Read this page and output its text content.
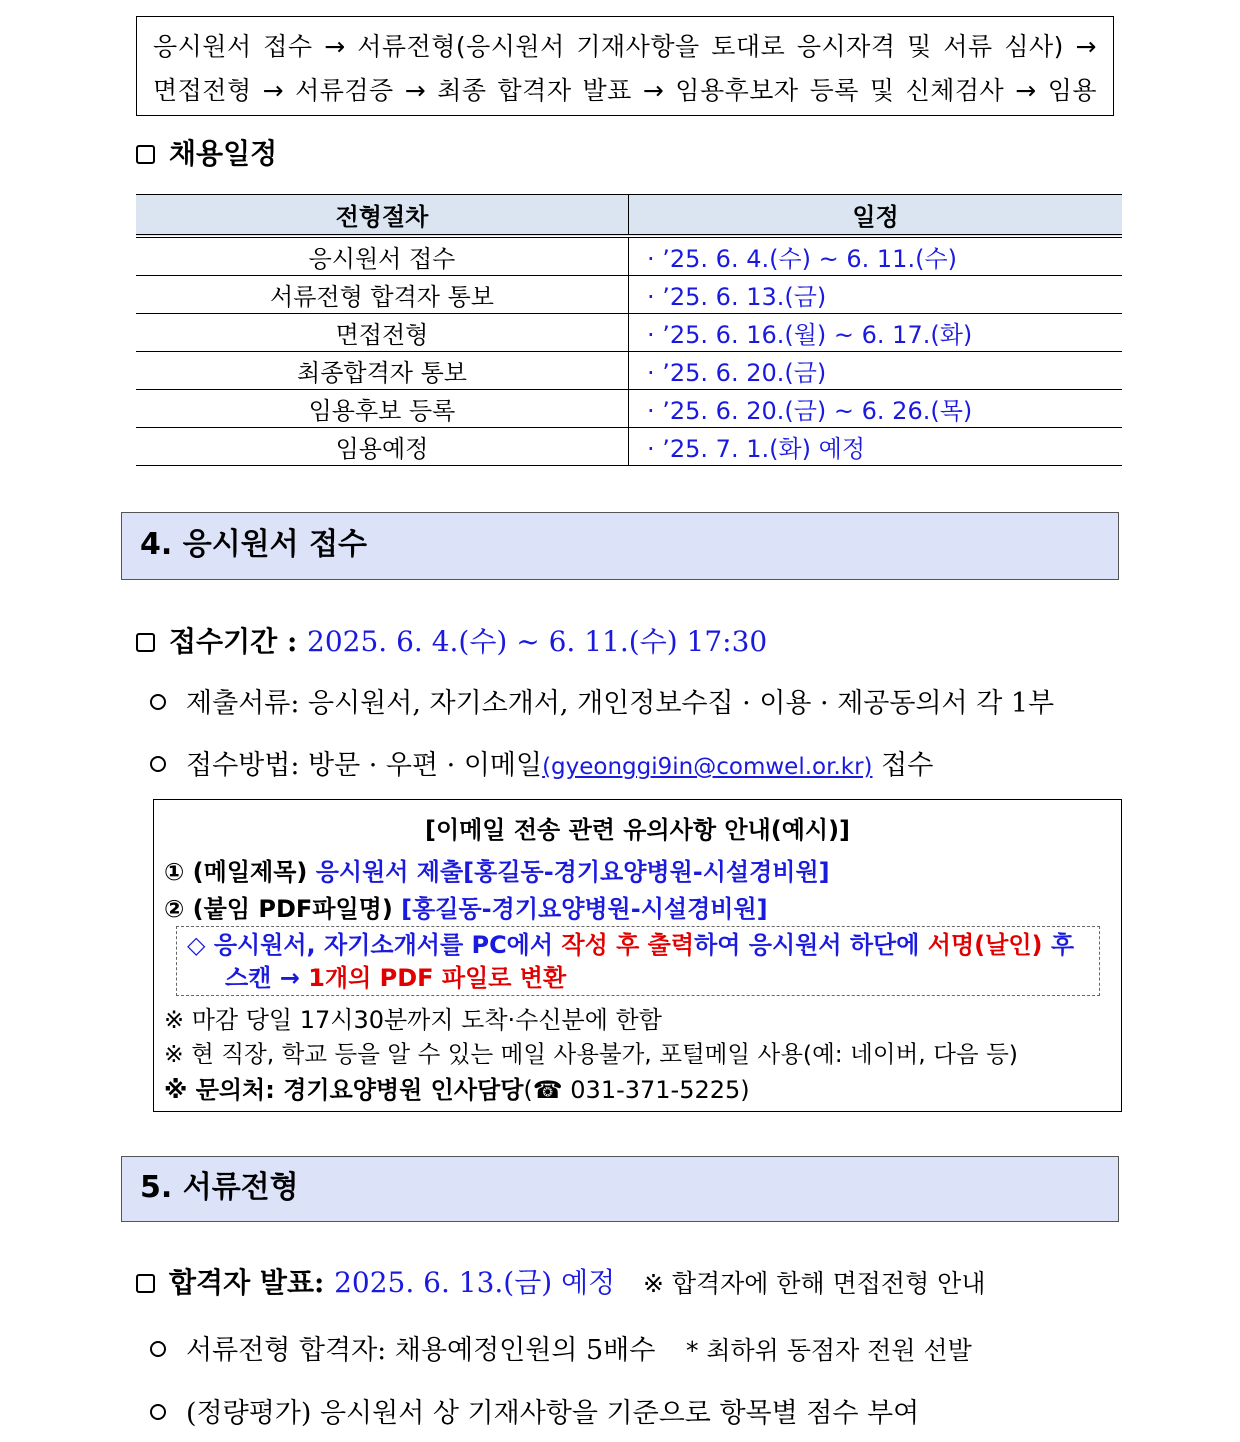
응시원서 접수 → 서류전형(응시원서 기재사항을 토대로 응시자격 및 서류 심사) →
면접전형 → 서류검증 → 최종 합격자 발표 → 임용후보자 등록 및 신체검사 → 임용
채용일정
전형절차	일정
응시원서 접수	· ’25. 6. 4.(수) ~ 6. 11.(수)
서류전형 합격자 통보	· ’25. 6. 13.(금)
면접전형	· ’25. 6. 16.(월) ~ 6. 17.(화)
최종합격자 통보	· ’25. 6. 20.(금)
임용후보 등록	· ’25. 6. 20.(금) ~ 6. 26.(목)
임용예정	· ’25. 7. 1.(화) 예정
4. 응시원서 접수
접수기간 : 2025. 6. 4.(수) ~ 6. 11.(수) 17:30
제출서류: 응시원서, 자기소개서, 개인정보수집 · 이용 · 제공동의서 각 1부
접수방법: 방문 · 우편 · 이메일(gyeonggi9in@comwel.or.kr) 접수
[이메일 전송 관련 유의사항 안내(예시)]
① (메일제목) 응시원서 제출[홍길동-경기요양병원-시설경비원]
② (붙임 PDF파일명) [홍길동-경기요양병원-시설경비원]
◇ 응시원서, 자기소개서를 PC에서 작성 후 출력하여 응시원서 하단에 서명(날인) 후
스캔 → 1개의 PDF 파일로 변환
※ 마감 당일 17시30분까지 도착·수신분에 한함
※ 현 직장, 학교 등을 알 수 있는 메일 사용불가, 포털메일 사용(예: 네이버, 다음 등)
※ 문의처: 경기요양병원 인사담당(☎ 031-371-5225)
5. 서류전형
합격자 발표: 2025. 6. 13.(금) 예정 ※ 합격자에 한해 면접전형 안내
서류전형 합격자: 채용예정인원의 5배수 * 최하위 동점자 전원 선발
(정량평가) 응시원서 상 기재사항을 기준으로 항목별 점수 부여
